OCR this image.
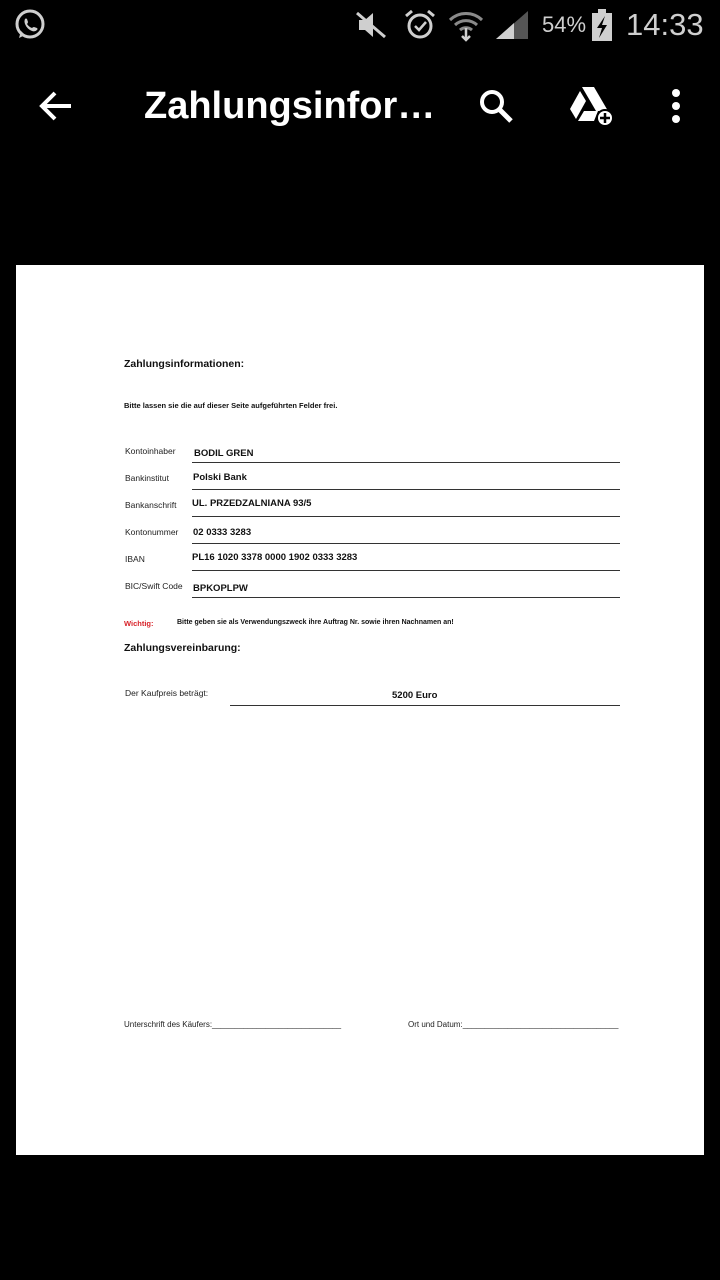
54% 14:33
Zahlungsinfor…
Zahlungsinformationen:
Bitte lassen sie die auf dieser Seite aufgeführten Felder frei.
Kontoinhaber BODIL GREN
Bankinstitut	Polski Bank
Bankanschrift UL. PRZEDZALNIANA 93/5
Kontonummer 02 0333 3283
IBAN	PL16 1020 3378 0000 1902 0333 3283
BIC/Swift Code BPKOPLPW
Wichtig:	Bitte geben sie als Verwendungszweck ihre Auftrag Nr. sowie ihren Nachnamen an!
Zahlungsvereinbarung:
Der Kaufpreis beträgt:	5200 Euro
Unterschrift des Käufers:_____________________________	Ort und Datum:___________________________________
